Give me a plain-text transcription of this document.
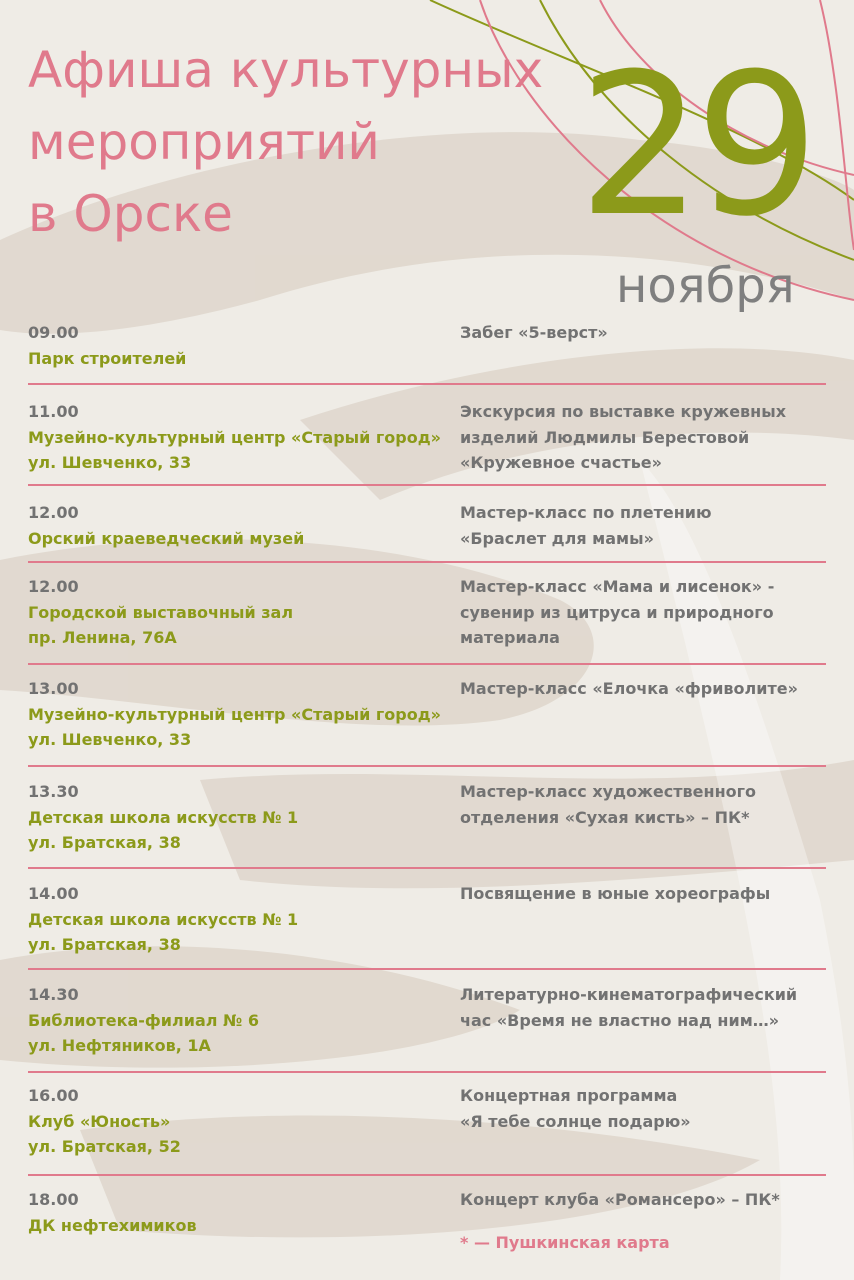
Афиша культурных
мероприятий
в Орске	29
ноября
09.00
Парк строителей
Забег «5-верст»
11.00
Музейно-культурный центр «Старый город»
ул. Шевченко, 33
Экскурсия по выставке кружевных
изделий Людмилы Берестовой
«Кружевное счастье»
12.00
Орский краеведческий музей
Мастер-класс по плетению
«Браслет для мамы»
12.00
Городской выставочный зал
пр. Ленина, 76А
Мастер-класс «Мама и лисенок» -
сувенир из цитруса и природного
материала
13.00
Музейно-культурный центр «Старый город»
ул. Шевченко, 33
Мастер-класс «Елочка «фриволите»
13.30
Детская школа искусств № 1
ул. Братская, 38
Мастер-класс художественного
отделения «Сухая кисть» – ПК*
14.00
Детская школа искусств № 1
ул. Братская, 38
Посвящение в юные хореографы
14.30
Библиотека-филиал № 6
ул. Нефтяников, 1А
Литературно-кинематографический
час «Время не властно над ним…»
16.00
Клуб «Юность»
ул. Братская, 52
Концертная программа
«Я тебе солнце подарю»
18.00
ДК нефтехимиков
Концерт клуба «Романсеро» – ПК*
* — Пушкинская карта
